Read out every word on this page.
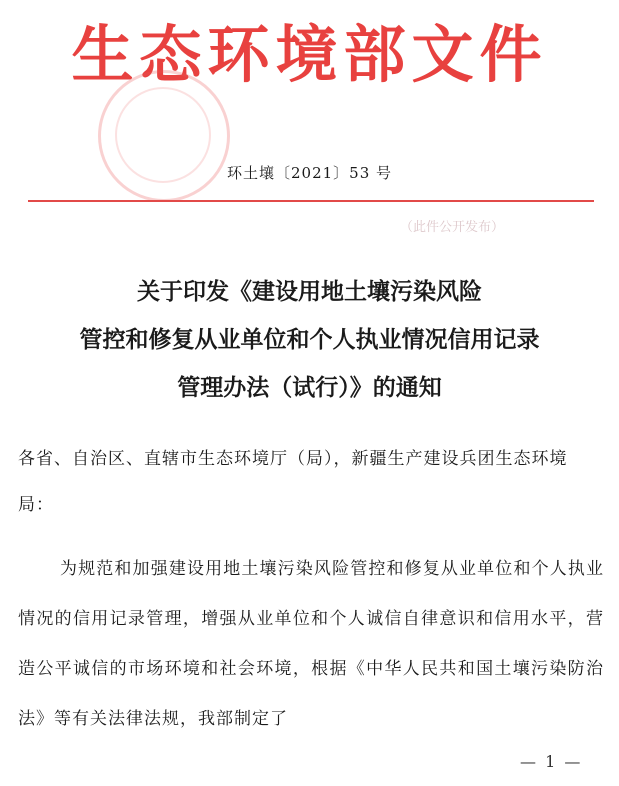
生态环境部文件
环土壤〔2021〕53 号
（此件公开发布）
关于印发《建设用地土壤污染风险
管控和修复从业单位和个人执业情况信用记录
管理办法（试行）》的通知
各省、自治区、直辖市生态环境厅（局），新疆生产建设兵团生态环境局：
为规范和加强建设用地土壤污染风险管控和修复从业单位和个人执业情况的信用记录管理，增强从业单位和个人诚信自律意识和信用水平，营造公平诚信的市场环境和社会环境，根据《中华人民共和国土壤污染防治法》等有关法律法规，我部制定了
— 1 —
